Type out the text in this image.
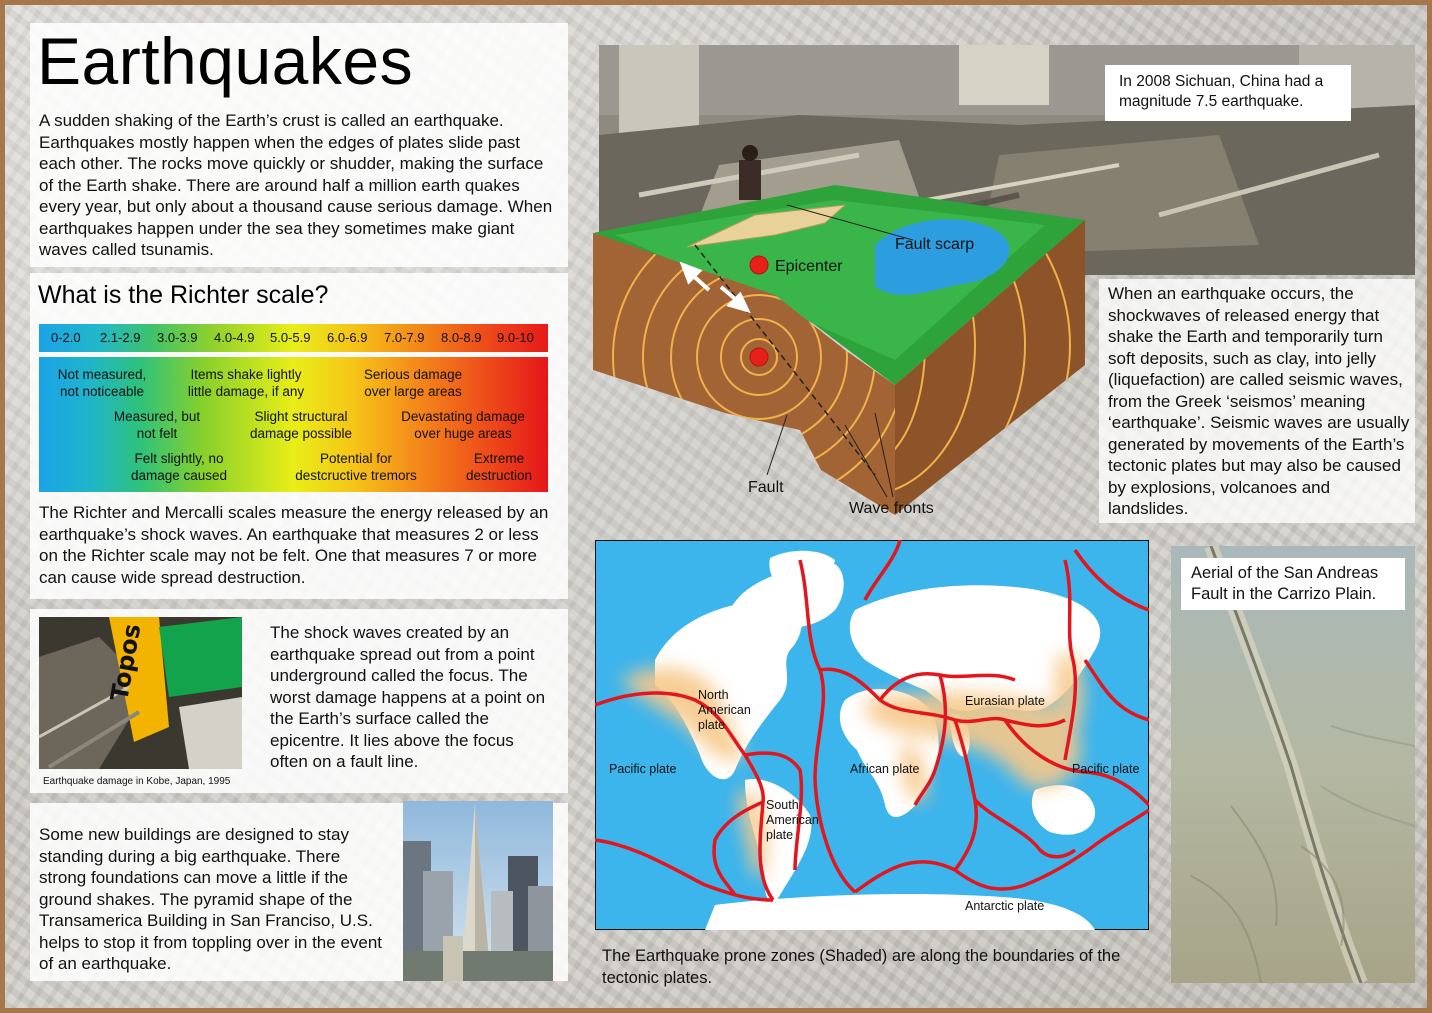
Earthquakes
A sudden shaking of the Earth’s crust is called an earthquake. Earthquakes mostly happen when the edges of plates slide past each other. The rocks move quickly or shudder, making the surface of the Earth shake. There are around half a million earth quakes every year, but only about a thousand cause serious damage. When earthquakes happen under the sea they sometimes make giant waves called tsunamis.
What is the Richter scale?
0-2.0 2.1-2.9 3.0-3.9 4.0-4.9 5.0-5.9 6.0-6.9 7.0-7.9 8.0-8.9 9.0-10
Not measured, not noticeable
Measured, but not felt
Felt slightly, no damage caused
Items shake lightly little damage, if any
Slight structural damage possible
Potential for destcructive tremors
Serious damage over large areas
Devastating damage over huge areas
Extreme destruction
The Richter and Mercalli scales measure the energy released by an earthquake’s shock waves. An earthquake that measures 2 or less on the Richter scale may not be felt. One that measures 7 or more can cause wide spread destruction.
Topos
Earthquake damage in Kobe, Japan, 1995
The shock waves created by an earthquake spread out from a point underground called the focus. The worst damage happens at a point on the Earth’s surface called the epicentre. It lies above the focus often on a fault line.
Some new buildings are designed to stay standing during a big earthquake. There strong foundations can move a little if the ground shakes. The pyramid shape of the Transamerica Building in San Franciso, U.S. helps to stop it from toppling over in the event of an earthquake.
In 2008 Sichuan, China had a magnitude 7.5 earthquake.
Fault scarp
Epicenter
Fault
Wave fronts
When an earthquake occurs, the shockwaves of released energy that shake the Earth and temporarily turn soft deposits, such as clay, into jelly (liquefaction) are called seismic waves, from the Greek ‘seismos’ meaning ‘earthquake’. Seismic waves are usually generated by movements of the Earth’s tectonic plates but may also be caused by explosions, volcanoes and landslides.
North American plate
Eurasian plate
Pacific plate	African plate	Pacific plate
South American plate
Antarctic plate
The Earthquake prone zones (Shaded) are along the boundaries of the tectonic plates.
Aerial of the San Andreas Fault in the Carrizo Plain.
